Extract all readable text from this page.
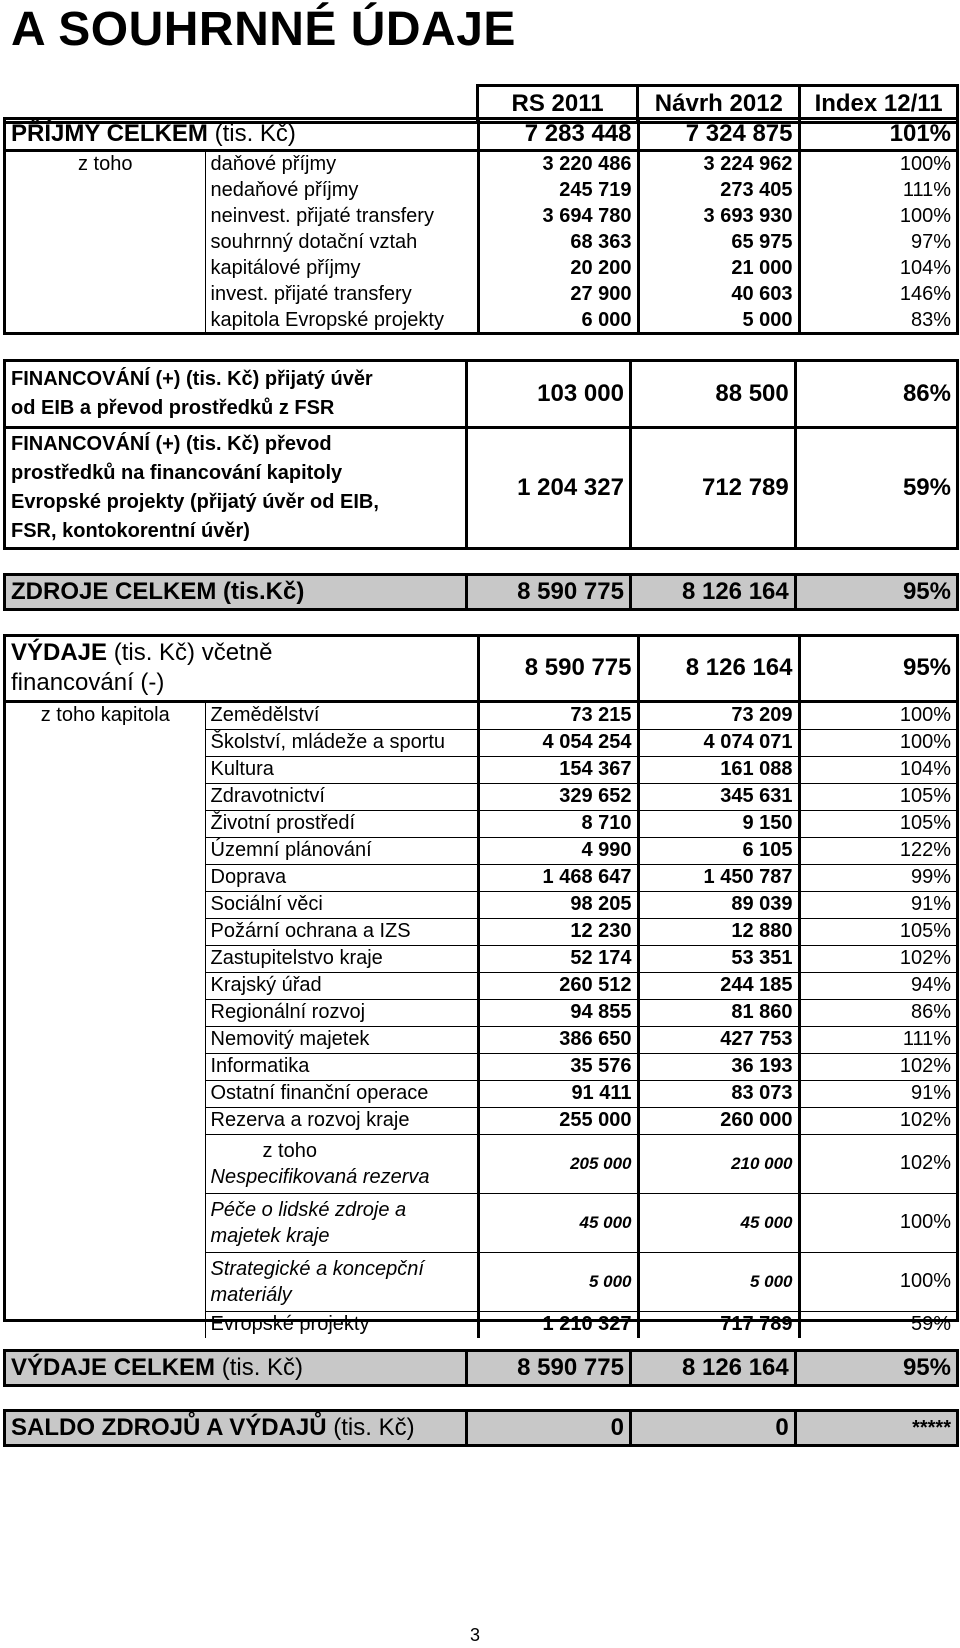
A SOUHRNNÉ ÚDAJE
		RS 2011	Návrh 2012	Index 12/11
PŘÍJMY CELKEM (tis. Kč)		7 283 448	7 324 875	101%
z toho	daňové příjmy	3 220 486	3 224 962	100%
	nedaňové příjmy	245 719	273 405	111%
	neinvest. přijaté transfery	3 694 780	3 693 930	100%
	souhrnný dotační vztah	68 363	65 975	97%
	kapitálové příjmy	20 200	21 000	104%
	invest. přijaté transfery	27 900	40 603	146%
	kapitola Evropské projekty	6 000	5 000	83%
FINANCOVÁNÍ (+) (tis. Kč) přijatý úvěr
od EIB a převod prostředků z FSR	103 000	88 500	86%

FINANCOVÁNÍ (+) (tis. Kč) převod
prostředků na financování kapitoly
Evropské projekty (přijatý úvěr od EIB,
FSR, kontokorentní úvěr)	1 204 327	712 789	59%
ZDROJE CELKEM (tis.Kč)	8 590 775	8 126 164	95%
VÝDAJE (tis. Kč) včetně
financování (-)		8 590 775	8 126 164	95%
z toho kapitola	Zemědělství	73 215	73 209	100%
	Školství, mládeže a sportu	4 054 254	4 074 071	100%
	Kultura	154 367	161 088	104%
	Zdravotnictví	329 652	345 631	105%
	Životní prostředí	8 710	9 150	105%
	Územní plánování	4 990	6 105	122%
	Doprava	1 468 647	1 450 787	99%
	Sociální věci	98 205	89 039	91%
	Požární ochrana a IZS	12 230	12 880	105%
	Zastupitelstvo kraje	52 174	53 351	102%
	Krajský úřad	260 512	244 185	94%
	Regionální rozvoj	94 855	81 860	86%
	Nemovitý majetek	386 650	427 753	111%
	Informatika	35 576	36 193	102%
	Ostatní finanční operace	91 411	83 073	91%
	Rezerva a rozvoj kraje	255 000	260 000	102%

	z toho
Nespecifikovaná rezerva	205 000	210 000	102%

	Péče o lidské zdroje a
majetek kraje	45 000	45 000	100%

	Strategické a koncepční
materiály	5 000	5 000	100%
	Evropské projekty	1 210 327	717 789	59%
VÝDAJE CELKEM (tis. Kč)	8 590 775	8 126 164	95%
SALDO ZDROJŮ A VÝDAJŮ (tis. Kč)	0	0	*****
3
